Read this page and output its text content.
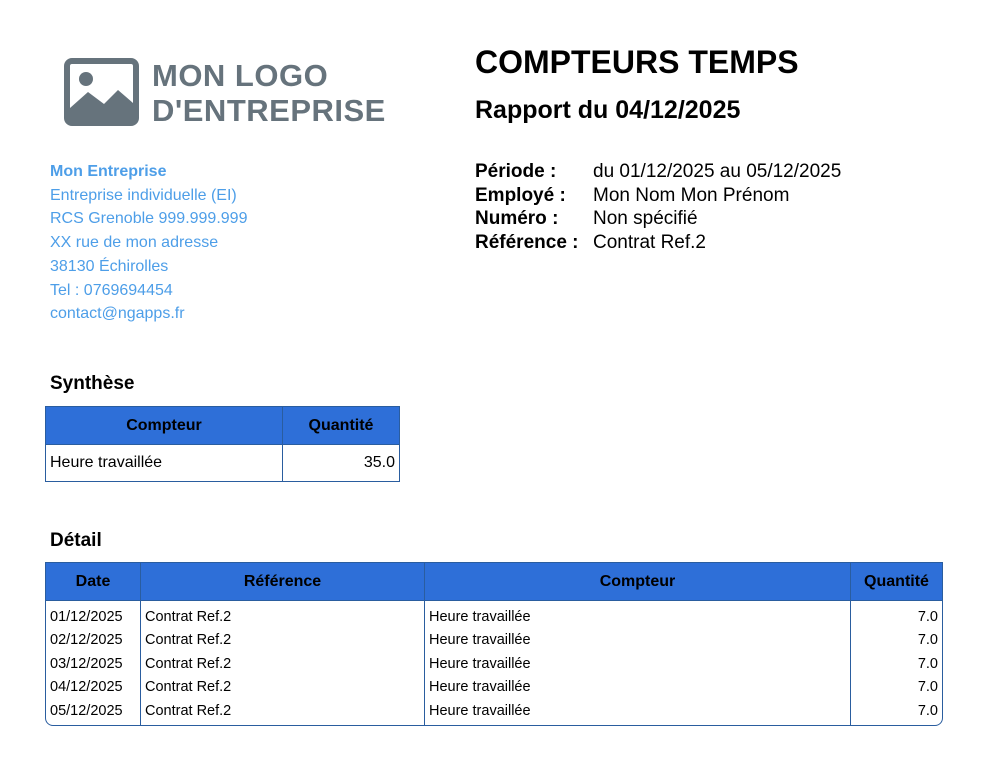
MON LOGO
D'ENTREPRISE
Mon Entreprise
Entreprise individuelle (EI)
RCS Grenoble 999.999.999
XX rue de mon adresse
38130 Échirolles
Tel : 0769694454
contact@ngapps.fr
COMPTEURS TEMPS
Rapport du 04/12/2025
Période :	du 01/12/2025 au 05/12/2025
Employé :	Mon Nom Mon Prénom
Numéro :	Non spécifié
Référence : Contrat Ref.2
Synthèse
Compteur	Quantité
Heure travaillée	35.0
Détail
Date	Référence	Compteur	Quantité
01/12/2025	Contrat Ref.2	Heure travaillée	7.0
02/12/2025	Contrat Ref.2	Heure travaillée	7.0
03/12/2025	Contrat Ref.2	Heure travaillée	7.0
04/12/2025	Contrat Ref.2	Heure travaillée	7.0
05/12/2025	Contrat Ref.2	Heure travaillée	7.0
